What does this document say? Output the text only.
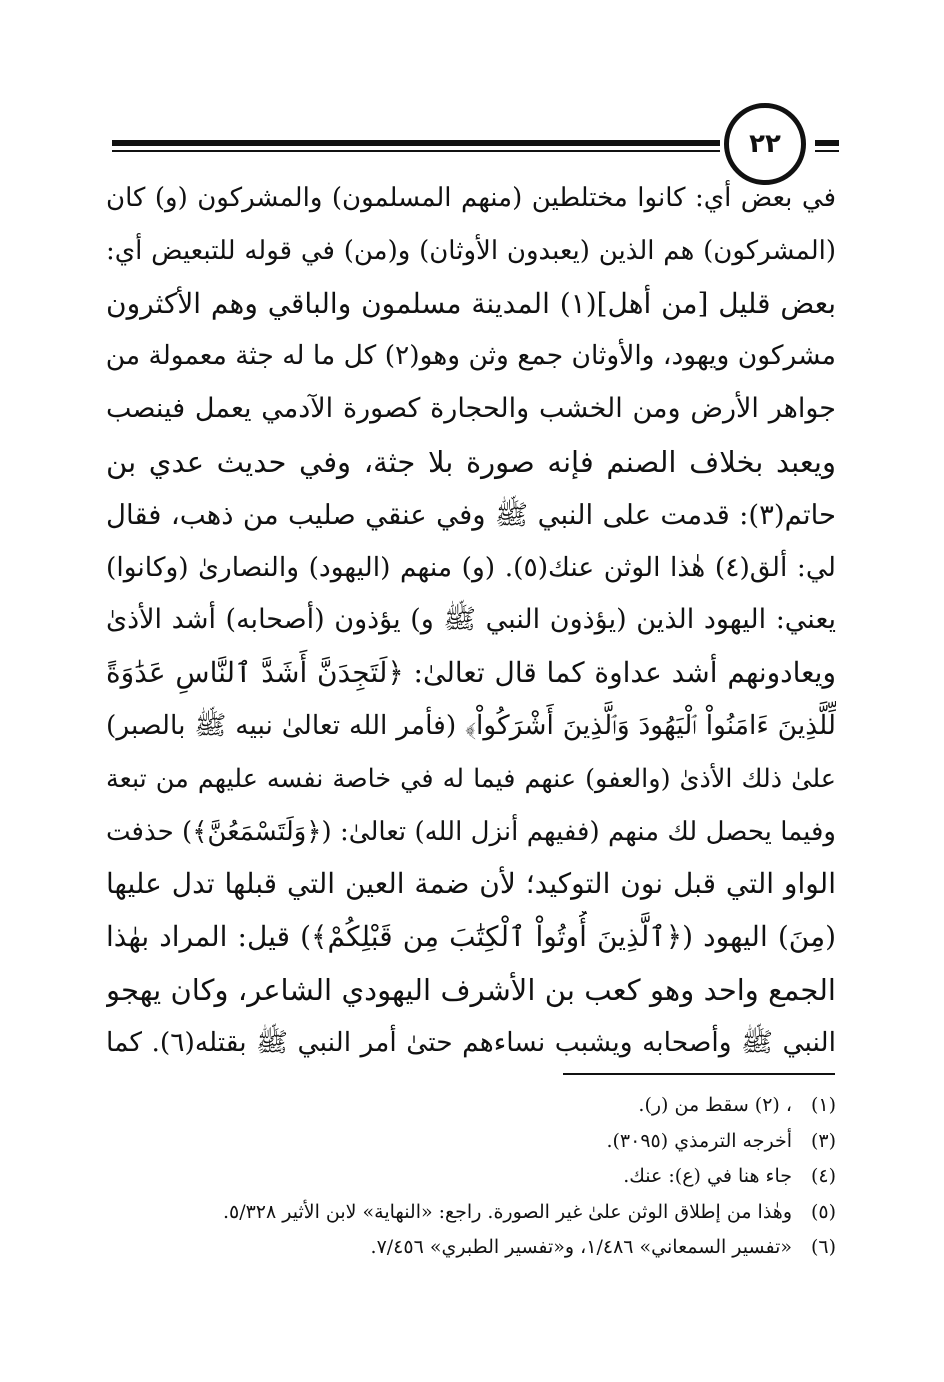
٢٢
في بعض أي: كانوا مختلطين (منهم المسلمون) والمشركون (و) كان
(المشركون) هم الذين (يعبدون الأوثان) و(من) في قوله للتبعيض أي:
بعض قليل [من أهل](١) المدينة مسلمون والباقي وهم الأكثرون
مشركون ويهود، والأوثان جمع وثن وهو(٢) كل ما له جثة معمولة من
جواهر الأرض ومن الخشب والحجارة كصورة الآدمي يعمل فينصب
ويعبد بخلاف الصنم فإنه صورة بلا جثة، وفي حديث عدي بن
حاتم(٣): قدمت على النبي ﷺ وفي عنقي صليب من ذهب، فقال
لي: ألق(٤) هٰذا الوثن عنك(٥). (و) منهم (اليهود) والنصارىٰ (وكانوا)
يعني: اليهود الذين (يؤذون النبي ﷺ و) يؤذون (أصحابه) أشد الأذىٰ
ويعادونهم أشد عداوة كما قال تعالىٰ: ﴿لَتَجِدَنَّ أَشَدَّ ٱلنَّاسِ عَدَٰوَةً
لِّلَّذِينَ ءَامَنُواْ ٱلْيَهُودَ وَٱلَّذِينَ أَشْرَكُواْ﴾ (فأمر الله تعالىٰ نبيه ﷺ بالصبر)
علىٰ ذلك الأذىٰ (والعفو) عنهم فيما له في خاصة نفسه عليهم من تبعة
وفيما يحصل لك منهم (ففيهم أنزل الله) تعالىٰ: (﴿وَلَتَسْمَعُنَّ﴾) حذفت
الواو التي قبل نون التوكيد؛ لأن ضمة العين التي قبلها تدل عليها
(مِنَ) اليهود (﴿ٱلَّذِينَ أُوتُواْ ٱلْكِتَٰبَ مِن قَبْلِكُمْ﴾) قيل: المراد بهٰذا
الجمع واحد وهو كعب بن الأشرف اليهودي الشاعر، وكان يهجو
النبي ﷺ وأصحابه ويشبب نساءهم حتىٰ أمر النبي ﷺ بقتله(٦). كما
(١)، (٢) سقط من (ر).
(٣)أخرجه الترمذي (٣٠٩٥).
(٤)جاء هنا في (ع): عنك.
(٥)وهٰذا من إطلاق الوثن علىٰ غير الصورة. راجع: «النهاية» لابن الأثير ٥/٣٢٨.
(٦)«تفسير السمعاني» ١/٤٨٦، و«تفسير الطبري» ٧/٤٥٦.
